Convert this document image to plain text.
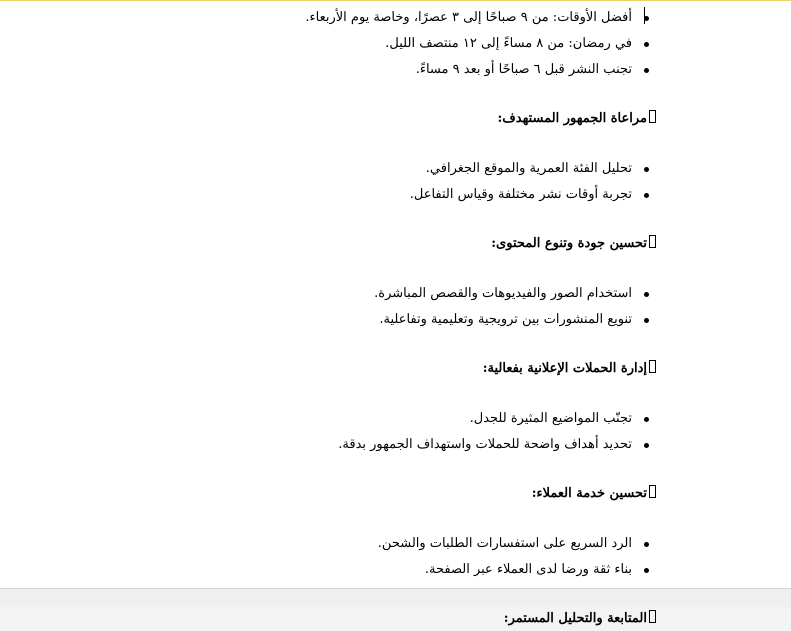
أفضل الأوقات: من ٩ صباحًا إلى ٣ عصرًا، وخاصة يوم الأربعاء.
في رمضان: من ٨ مساءً إلى ١٢ منتصف الليل.
تجنب النشر قبل ٦ صباحًا أو بعد ٩ مساءً.
مراعاة الجمهور المستهدف:
تحليل الفئة العمرية والموقع الجغرافي.
تجربة أوقات نشر مختلفة وقياس التفاعل.
تحسين جودة وتنوع المحتوى:
استخدام الصور والفيديوهات والقصص المباشرة.
تنويع المنشورات بين ترويجية وتعليمية وتفاعلية.
إدارة الحملات الإعلانية بفعالية:
تجنّب المواضيع المثيرة للجدل.
تحديد أهداف واضحة للحملات واستهداف الجمهور بدقة.
تحسين خدمة العملاء:
الرد السريع على استفسارات الطلبات والشحن.
بناء ثقة ورضا لدى العملاء عبر الصفحة.
المتابعة والتحليل المستمر:
